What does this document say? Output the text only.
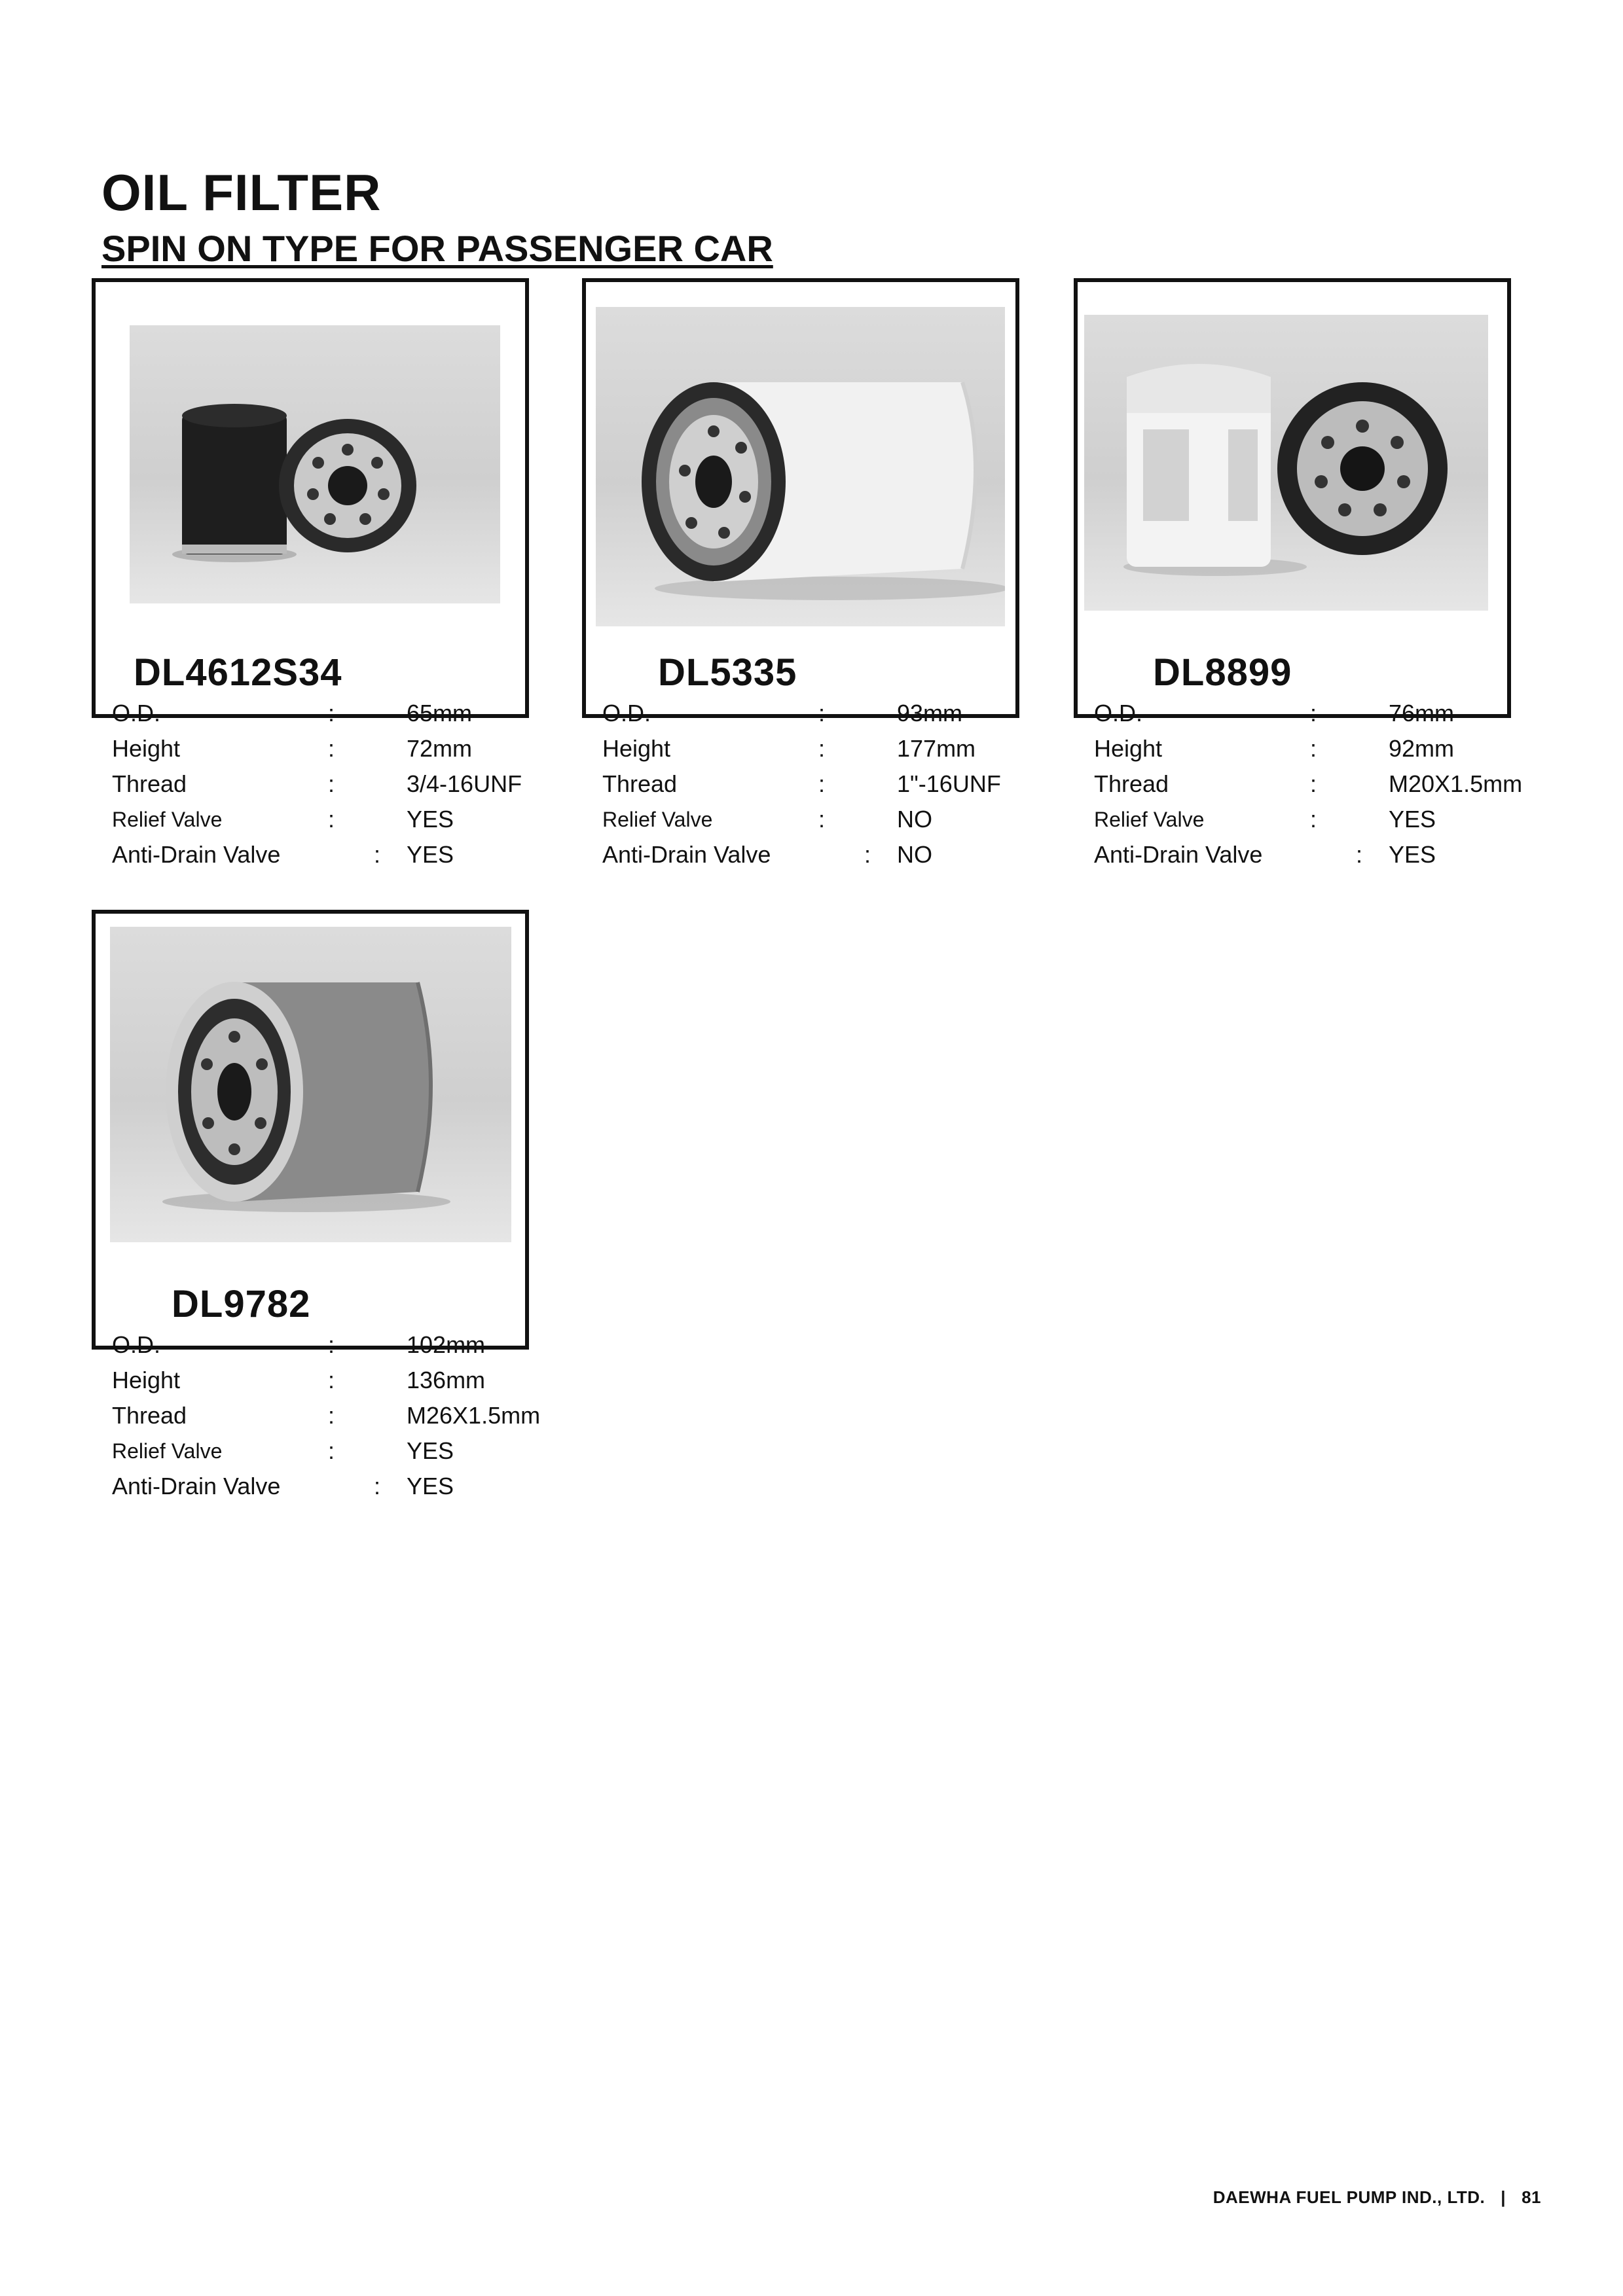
OIL FILTER
SPIN ON TYPE FOR PASSENGER CAR

DL4612S34

O.D.	:	65mm
Height	:	72mm
Thread	:	3/4-16UNF
Relief Valve	:	YES
Anti-Drain Valve	: YES

DL5335

O.D.	:	93mm
Height	:	177mm
Thread	:	1"-16UNF
Relief Valve	:	NO
Anti-Drain Valve	: NO

DL8899

O.D.	:	76mm
Height	:	92mm
Thread	:	M20X1.5mm
Relief Valve	:	YES
Anti-Drain Valve	: YES

DL9782

O.D.	:	102mm
Height	:	136mm
Thread	:	M26X1.5mm
Relief Valve	:	YES
Anti-Drain Valve	: YES
DAEWHA FUEL PUMP IND., LTD. | 81
